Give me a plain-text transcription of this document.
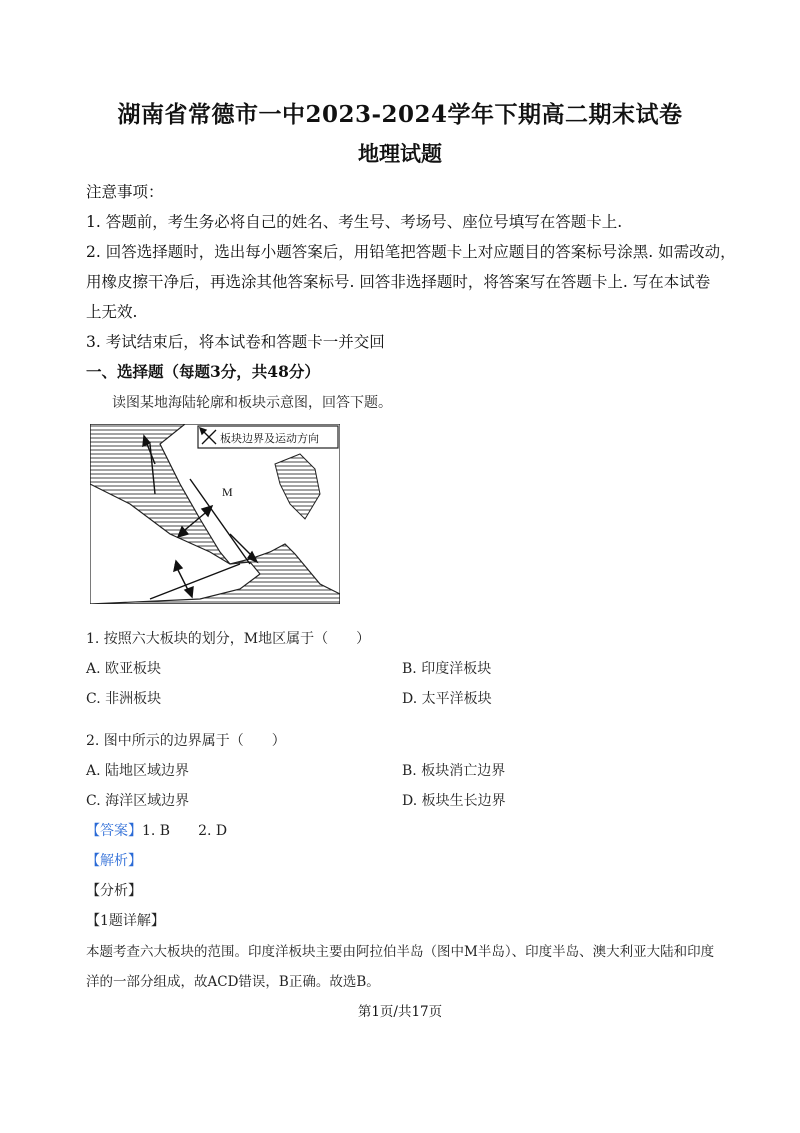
湖南省常德市一中2023-2024学年下期高二期末试卷
地理试题
注意事项：
1. 答题前，考生务必将自己的姓名、考生号、考场号、座位号填写在答题卡上.
2. 回答选择题时，选出每小题答案后，用铅笔把答题卡上对应题目的答案标号涂黑. 如需改动，
用橡皮擦干净后，再选涂其他答案标号. 回答非选择题时，将答案写在答题卡上. 写在本试卷
上无效.
3. 考试结束后，将本试卷和答题卡一并交回
一、选择题（每题3分，共48分）
读图某地海陆轮廓和板块示意图，回答下题。
板块边界及运动方向
M
1. 按照六大板块的划分，M地区属于（　　）
A. 欧亚板块	B. 印度洋板块
C. 非洲板块	D. 太平洋板块
2. 图中所示的边界属于（　　）
A. 陆地区域边界	B. 板块消亡边界
C. 海洋区域边界	D. 板块生长边界
【答案】1. B　　2. D
【解析】
【分析】
【1题详解】
本题考查六大板块的范围。印度洋板块主要由阿拉伯半岛（图中M半岛）、印度半岛、澳大利亚大陆和印度
洋的一部分组成，故ACD错误，B正确。故选B。
第1页/共17页
